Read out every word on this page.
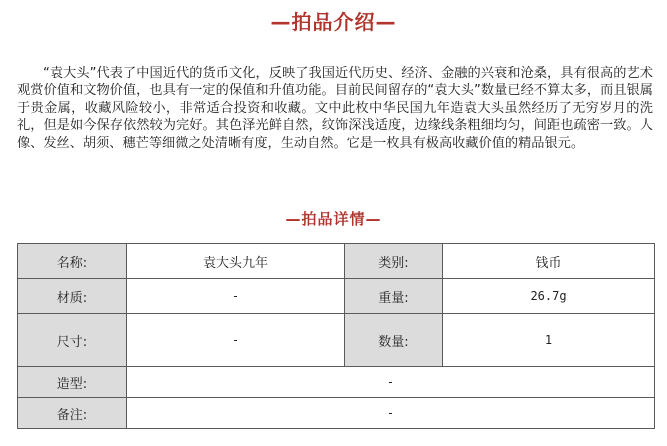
—拍品介绍—
“袁大头”代表了中国近代的货币文化，反映了我国近代历史、经济、金融的兴衰和沧桑，具有很高的艺术观赏价值和文物价值，也具有一定的保值和升值功能。目前民间留存的“袁大头”数量已经不算太多，而且银属于贵金属，收藏风险较小，非常适合投资和收藏。文中此枚中华民国九年造袁大头虽然经历了无穷岁月的洗礼，但是如今保存依然较为完好。其色泽光鲜自然，纹饰深浅适度，边缘线条粗细均匀，间距也疏密一致。人像、发丝、胡须、穗芒等细微之处清晰有度，生动自然。它是一枚具有极高收藏价值的精品银元。
—拍品详情—
名称:	袁大头九年	类别:	钱币
材质:	-	重量:	26.7g
尺寸:	-	数量:	1
造型:	-		
备注:	-		
